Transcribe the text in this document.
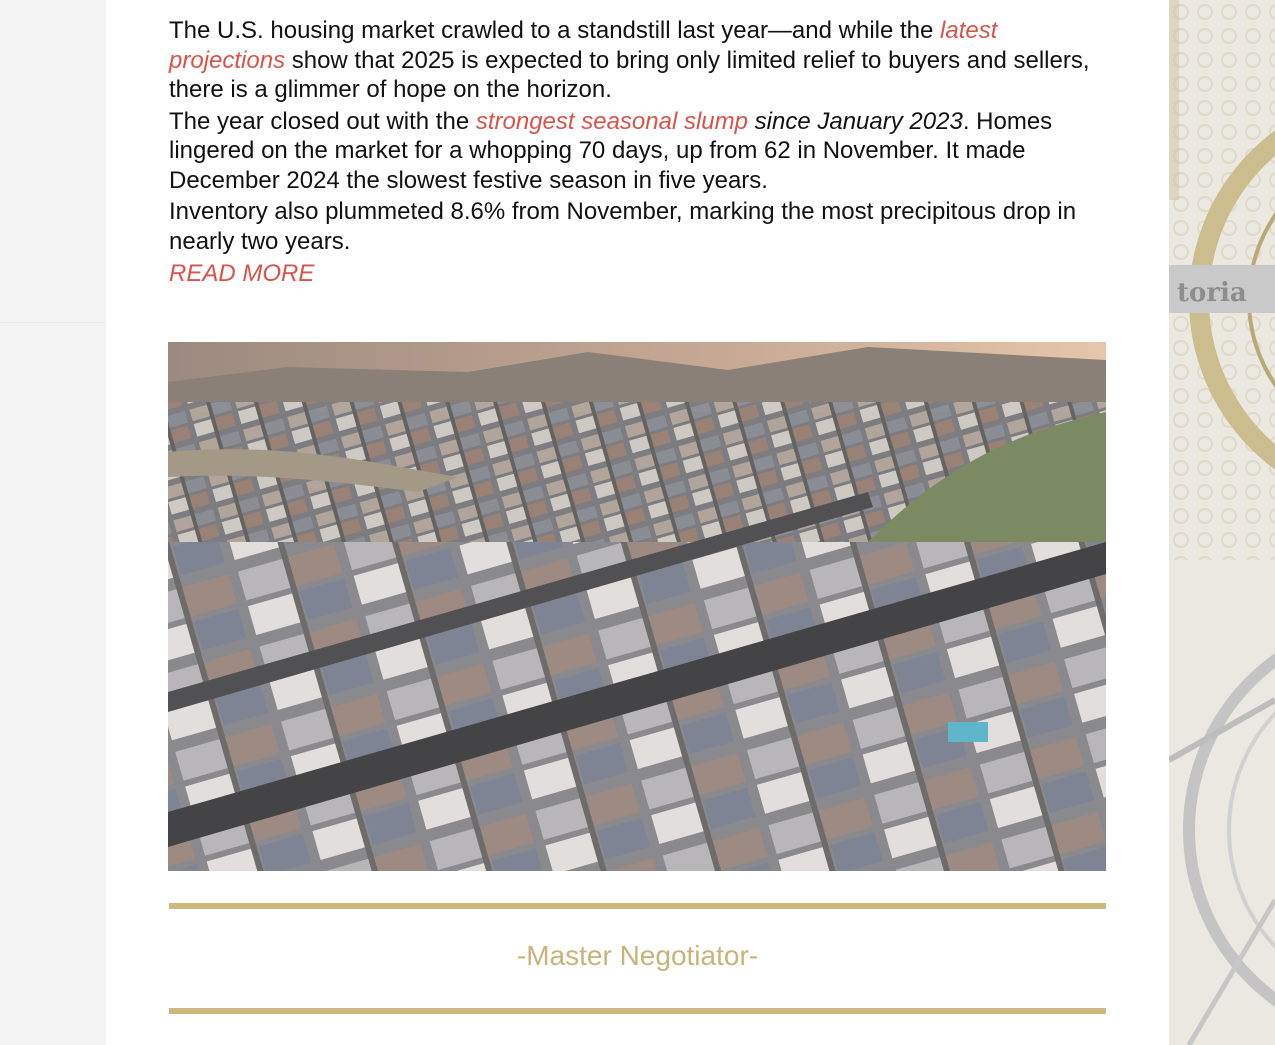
toria

The U.S. housing market crawled to a standstill last year—and while the latest projections show that 2025 is expected to bring only limited relief to buyers and sellers, there is a glimmer of hope on the horizon.

The year closed out with the strongest seasonal slump since January 2023. Homes lingered on the market for a whopping 70 days, up from 62 in November. It made December 2024 the slowest festive season in five years.

Inventory also plummeted 8.6% from November, marking the most precipitous drop in nearly two years.

READ MORE
-Master Negotiator-
